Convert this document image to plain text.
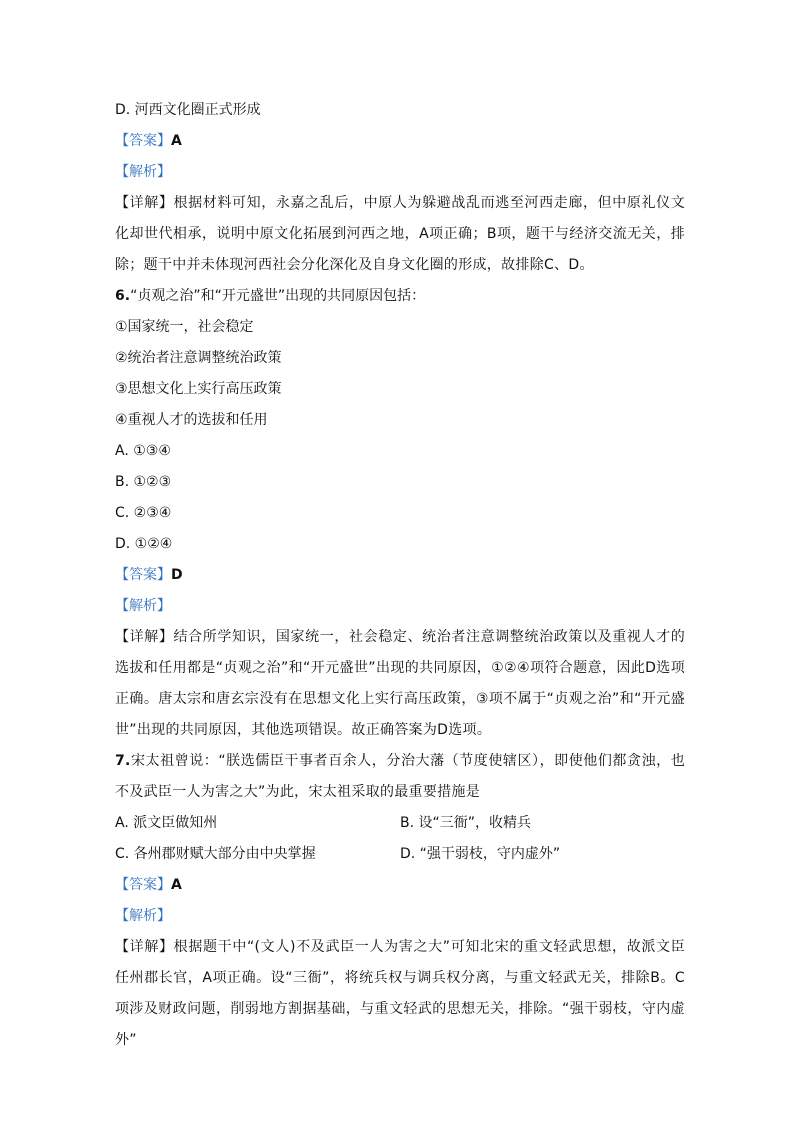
D. 河西文化圈正式形成
【答案】A
【解析】
【详解】根据材料可知，永嘉之乱后，中原人为躲避战乱而逃至河西走廊，但中原礼仪文化却世代相承，说明中原文化拓展到河西之地，A项正确；B项，题干与经济交流无关，排除；题干中并未体现河西社会分化深化及自身文化圈的形成，故排除C、D。
6.“贞观之治”和“开元盛世”出现的共同原因包括：
①国家统一，社会稳定
②统治者注意调整统治政策
③思想文化上实行高压政策
④重视人才的选拔和任用
A. ①③④
B. ①②③
C. ②③④
D. ①②④
【答案】D
【解析】
【详解】结合所学知识，国家统一，社会稳定、统治者注意调整统治政策以及重视人才的选拔和任用都是“贞观之治”和“开元盛世”出现的共同原因，①②④项符合题意，因此D选项正确。唐太宗和唐玄宗没有在思想文化上实行高压政策，③项不属于“贞观之治”和“开元盛世”出现的共同原因，其他选项错误。故正确答案为D选项。
7.宋太祖曾说：“朕选儒臣干事者百余人，分治大藩（节度使辖区），即使他们都贪浊，也不及武臣一人为害之大”为此，宋太祖采取的最重要措施是
A. 派文臣做知州	B. 设“三衙”，收精兵
C. 各州郡财赋大部分由中央掌握	D. “强干弱枝，守内虚外”
【答案】A
【解析】
【详解】根据题干中“(文人)不及武臣一人为害之大”可知北宋的重文轻武思想，故派文臣任州郡长官，A项正确。设“三衙”，将统兵权与调兵权分离，与重文轻武无关，排除B。C项涉及财政问题，削弱地方割据基础，与重文轻武的思想无关，排除。“强干弱枝，守内虚外”
